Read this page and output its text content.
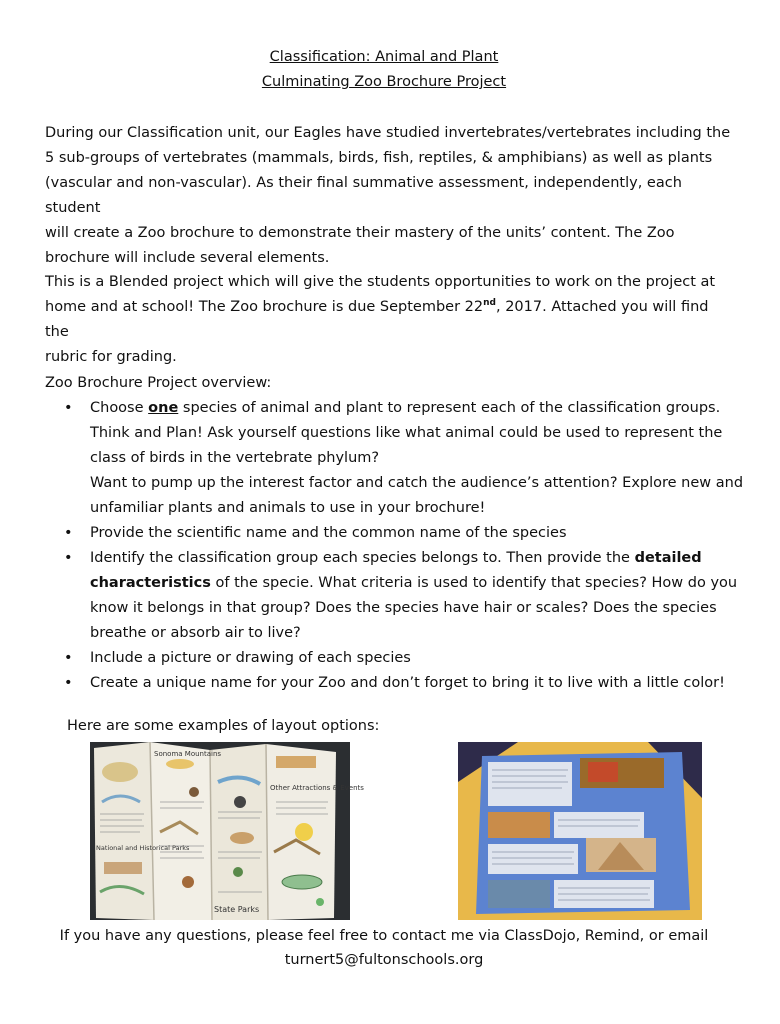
Classification: Animal and Plant
Culminating Zoo Brochure Project

During our Classification unit, our Eagles have studied invertebrates/vertebrates including the
5 sub-groups of vertebrates (mammals, birds, fish, reptiles, & amphibians) as well as plants
(vascular and non-vascular). As their final summative assessment, independently, each student
will create a Zoo brochure to demonstrate their mastery of the units’ content. The Zoo
brochure will include several elements.

This is a Blended project which will give the students opportunities to work on the project at
home and at school! The Zoo brochure is due September 22nd, 2017. Attached you will find the
rubric for grading.

Zoo Brochure Project overview:

• Choose one species of animal and plant to represent each of the classification groups.
Think and Plan! Ask yourself questions like what animal could be used to represent the
class of birds in the vertebrate phylum?
Want to pump up the interest factor and catch the audience’s attention? Explore new and
unfamiliar plants and animals to use in your brochure!
• Provide the scientific name and the common name of the species
• Identify the classification group each species belongs to. Then provide the detailed
characteristics of the specie. What criteria is used to identify that species? How do you
know it belongs in that group? Does the species have hair or scales? Does the species
breathe or absorb air to live?
• Include a picture or drawing of each species
• Create a unique name for your Zoo and don’t forget to bring it to live with a little color!
Here are some examples of layout options:
Sonoma Mountains
Other Attractions & Events
National and Historical Parks
State Parks
If you have any questions, please feel free to contact me via ClassDojo, Remind, or email
turnert5@fultonschools.org
